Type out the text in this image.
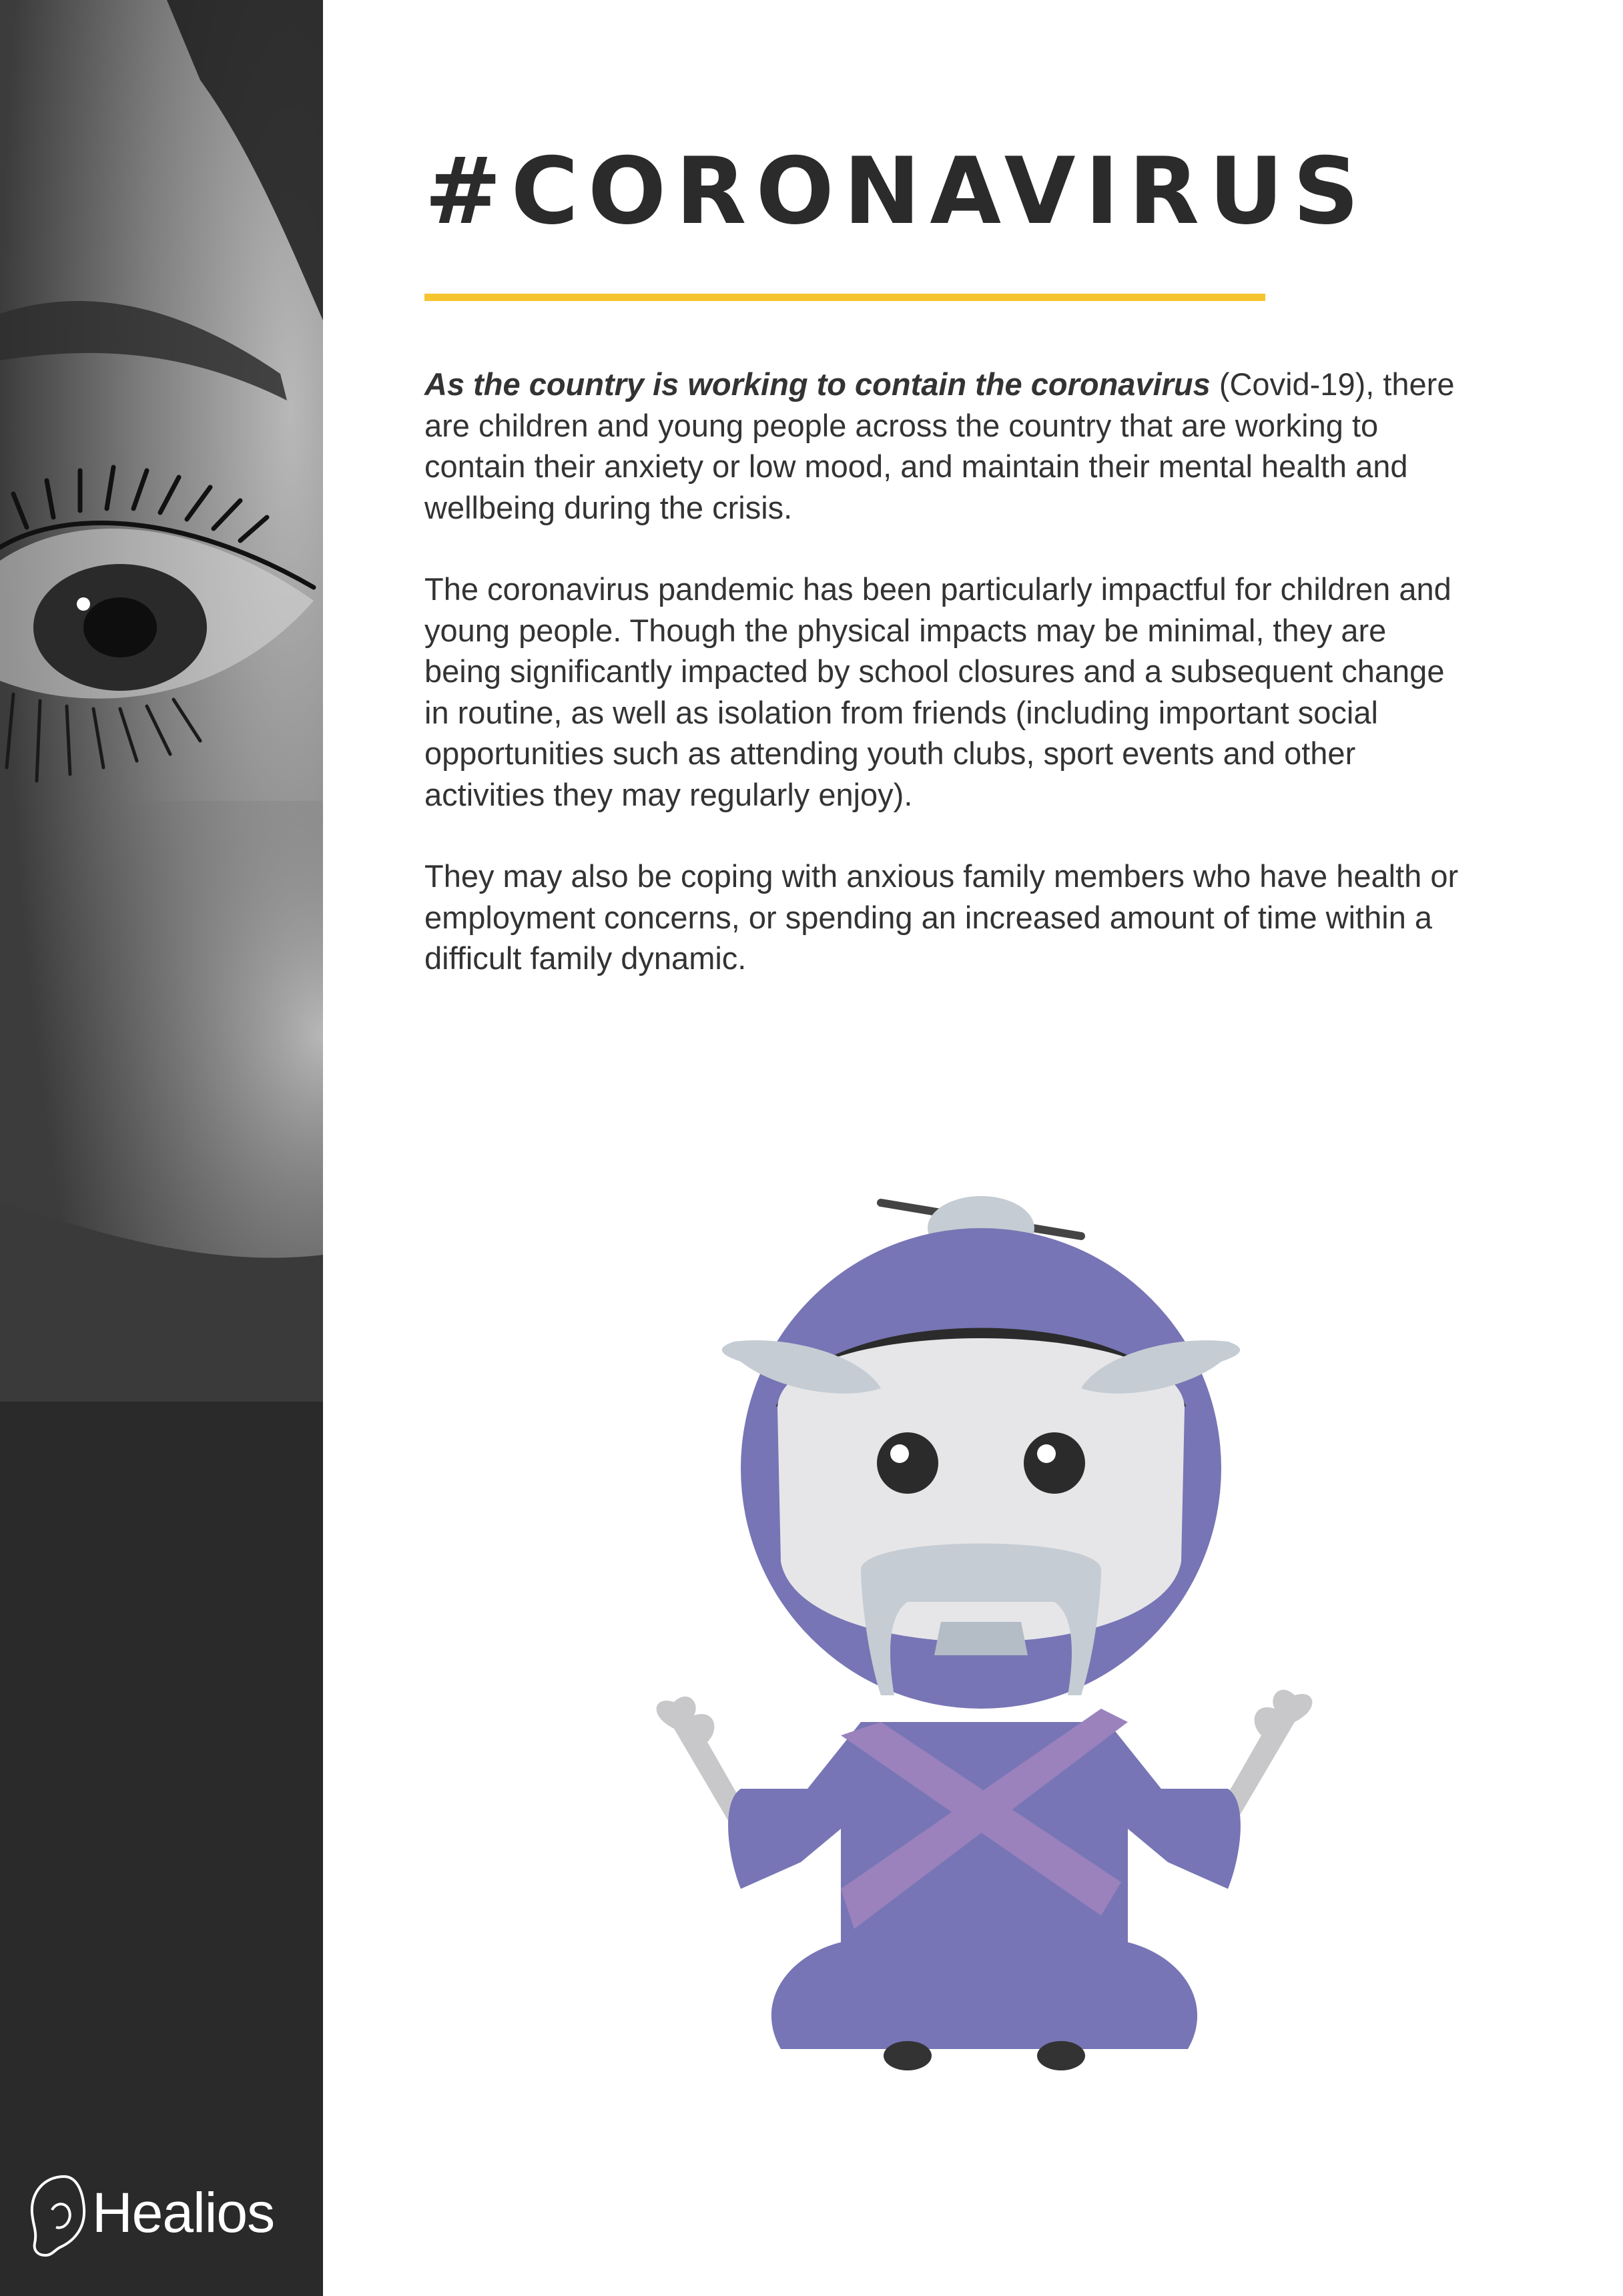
Healios
#CORONAVIRUS

As the country is working to contain the coronavirus (Covid-19), there are children and young people across the country that are working to contain their anxiety or low mood, and maintain their mental health and wellbeing during the crisis.

The coronavirus pandemic has been particularly impactful for children and young people. Though the physical impacts may be minimal, they are being significantly impacted by school closures and a subsequent change in routine, as well as isolation from friends (including important social opportunities such as attending youth clubs, sport events and other activities they may regularly enjoy).

They may also be coping with anxious family members who have health or employment concerns, or spending an increased amount of time within a difficult family dynamic.
